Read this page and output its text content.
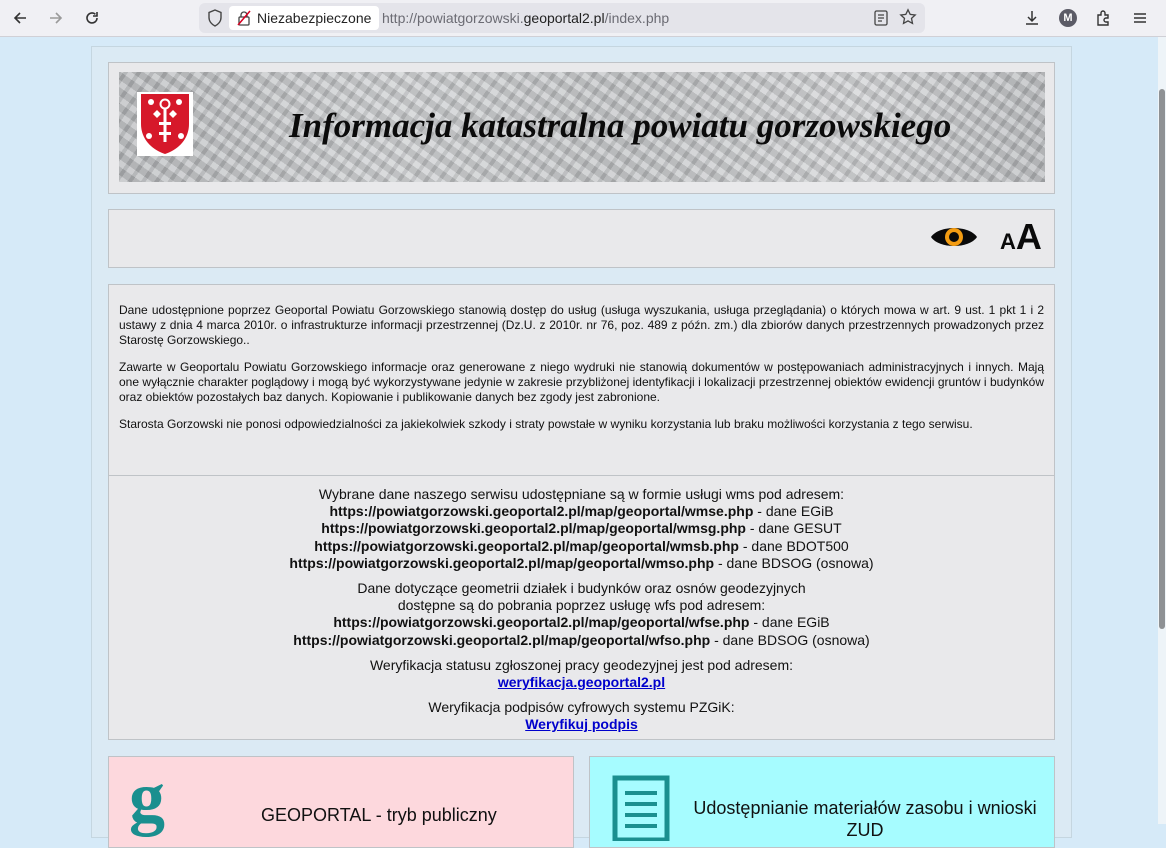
Niezabezpieczone http://powiatgorzowski.geoportal2.pl/index.php	M
Informacja katastralna powiatu gorzowskiego
AA

Dane udostępnione poprzez Geoportal Powiatu Gorzowskiego stanowią dostęp do usług (usługa wyszukania, usługa przeglądania) o których mowa w art. 9 ust. 1 pkt 1 i 2 ustawy z dnia 4 marca 2010r. o infrastrukturze informacji przestrzennej (Dz.U. z 2010r. nr 76, poz. 489 z późn. zm.) dla zbiorów danych przestrzennych prowadzonych przez Starostę Gorzowskiego..

Zawarte w Geoportalu Powiatu Gorzowskiego informacje oraz generowane z niego wydruki nie stanowią dokumentów w postępowaniach administracyjnych i innych. Mają one wyłącznie charakter poglądowy i mogą być wykorzystywane jedynie w zakresie przybliżonej identyfikacji i lokalizacji przestrzennej obiektów ewidencji gruntów i budynków oraz obiektów pozostałych baz danych. Kopiowanie i publikowanie danych bez zgody jest zabronione.

Starosta Gorzowski nie ponosi odpowiedzialności za jakiekolwiek szkody i straty powstałe w wyniku korzystania lub braku możliwości korzystania z tego serwisu.

Wybrane dane naszego serwisu udostępniane są w formie usługi wms pod adresem:
https://powiatgorzowski.geoportal2.pl/map/geoportal/wmse.php - dane EGiB
https://powiatgorzowski.geoportal2.pl/map/geoportal/wmsg.php - dane GESUT
https://powiatgorzowski.geoportal2.pl/map/geoportal/wmsb.php - dane BDOT500
https://powiatgorzowski.geoportal2.pl/map/geoportal/wmso.php - dane BDSOG (osnowa)
Dane dotyczące geometrii działek i budynków oraz osnów geodezyjnych
dostępne są do pobrania poprzez usługę wfs pod adresem:
https://powiatgorzowski.geoportal2.pl/map/geoportal/wfse.php - dane EGiB
https://powiatgorzowski.geoportal2.pl/map/geoportal/wfso.php - dane BDSOG (osnowa)
Weryfikacja statusu zgłoszonej pracy geodezyjnej jest pod adresem:
weryfikacja.geoportal2.pl
Weryfikacja podpisów cyfrowych systemu PZGiK:
Weryfikuj podpis
g	GEOPORTAL - tryb publiczny	Udostępnianie materiałów zasobu i wnioski ZUD
